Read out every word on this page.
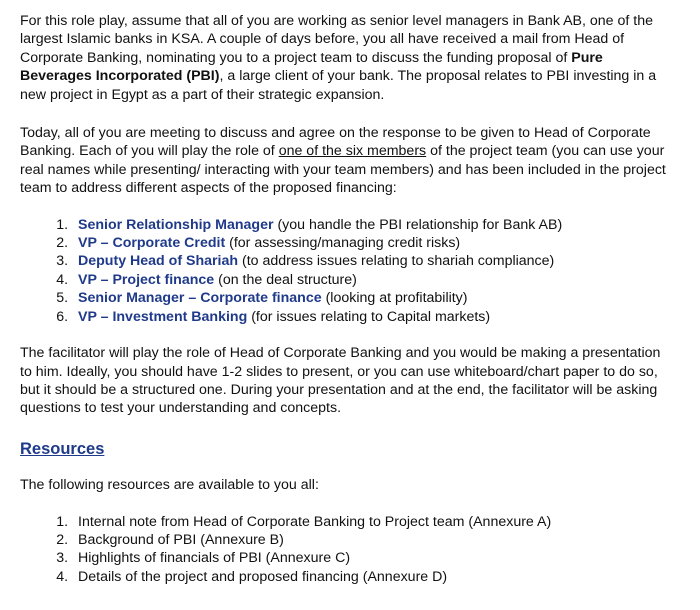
For this role play, assume that all of you are working as senior level managers in Bank AB, one of the largest Islamic banks in KSA. A couple of days before, you all have received a mail from Head of Corporate Banking, nominating you to a project team to discuss the funding proposal of Pure Beverages Incorporated (PBI), a large client of your bank. The proposal relates to PBI investing in a new project in Egypt as a part of their strategic expansion.

Today, all of you are meeting to discuss and agree on the response to be given to Head of Corporate Banking. Each of you will play the role of one of the six members of the project team (you can use your real names while presenting/ interacting with your team members) and has been included in the project team to address different aspects of the proposed financing:

1. Senior Relationship Manager (you handle the PBI relationship for Bank AB)
2. VP – Corporate Credit (for assessing/managing credit risks)
3. Deputy Head of Shariah (to address issues relating to shariah compliance)
4. VP – Project finance (on the deal structure)
5. Senior Manager – Corporate finance (looking at profitability)
6. VP – Investment Banking (for issues relating to Capital markets)

The facilitator will play the role of Head of Corporate Banking and you would be making a presentation to him. Ideally, you should have 1-2 slides to present, or you can use whiteboard/chart paper to do so, but it should be a structured one. During your presentation and at the end, the facilitator will be asking questions to test your understanding and concepts.

Resources

The following resources are available to you all:

1. Internal note from Head of Corporate Banking to Project team (Annexure A)
2. Background of PBI (Annexure B)
3. Highlights of financials of PBI (Annexure C)
4. Details of the project and proposed financing (Annexure D)
